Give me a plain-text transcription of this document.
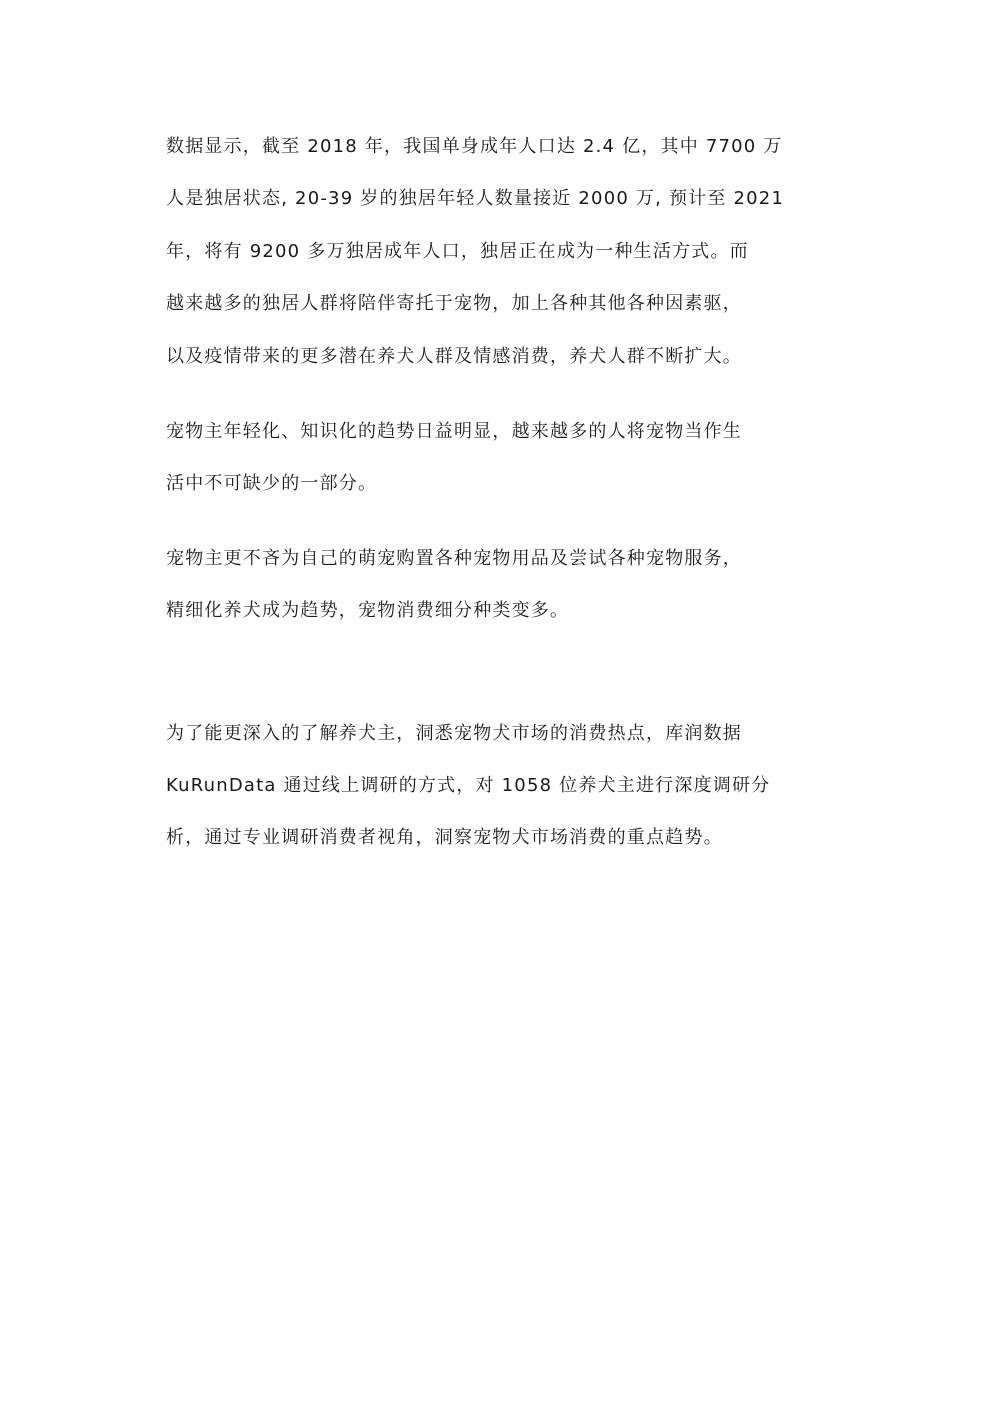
数据显示，截至 2018 年，我国单身成年人口达 2.4 亿，其中 7700 万
人是独居状态, 20-39 岁的独居年轻人数量接近 2000 万, 预计至 2021
年，将有 9200 多万独居成年人口，独居正在成为一种生活方式。而
越来越多的独居人群将陪伴寄托于宠物，加上各种其他各种因素驱，
以及疫情带来的更多潜在养犬人群及情感消费，养犬人群不断扩大。
宠物主年轻化、知识化的趋势日益明显，越来越多的人将宠物当作生
活中不可缺少的一部分。
宠物主更不吝为自己的萌宠购置各种宠物用品及尝试各种宠物服务，
精细化养犬成为趋势，宠物消费细分种类变多。
为了能更深入的了解养犬主，洞悉宠物犬市场的消费热点，库润数据
KuRunData 通过线上调研的方式，对 1058 位养犬主进行深度调研分
析，通过专业调研消费者视角，洞察宠物犬市场消费的重点趋势。
